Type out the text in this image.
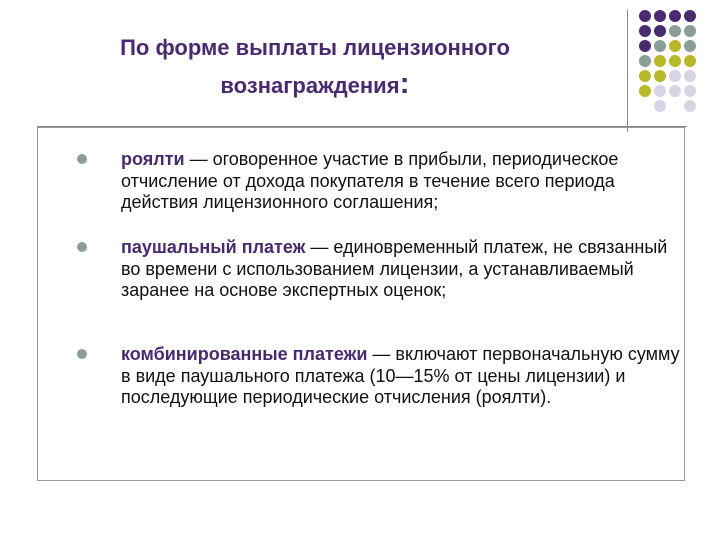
По форме выплаты лицензионного
вознаграждения:
роялти — оговоренное участие в прибыли, периодическое отчисление от дохода покупателя в течение всего периода действия лицензионного соглашения;
паушальный платеж — единовременный платеж, не связанный во времени с использованием лицензии, а устанавливаемый заранее на основе экспертных оценок;
комбинированные платежи — включают первоначальную сумму в виде паушального платежа (10—15% от цены лицензии) и последующие периодические отчисления (роялти).
